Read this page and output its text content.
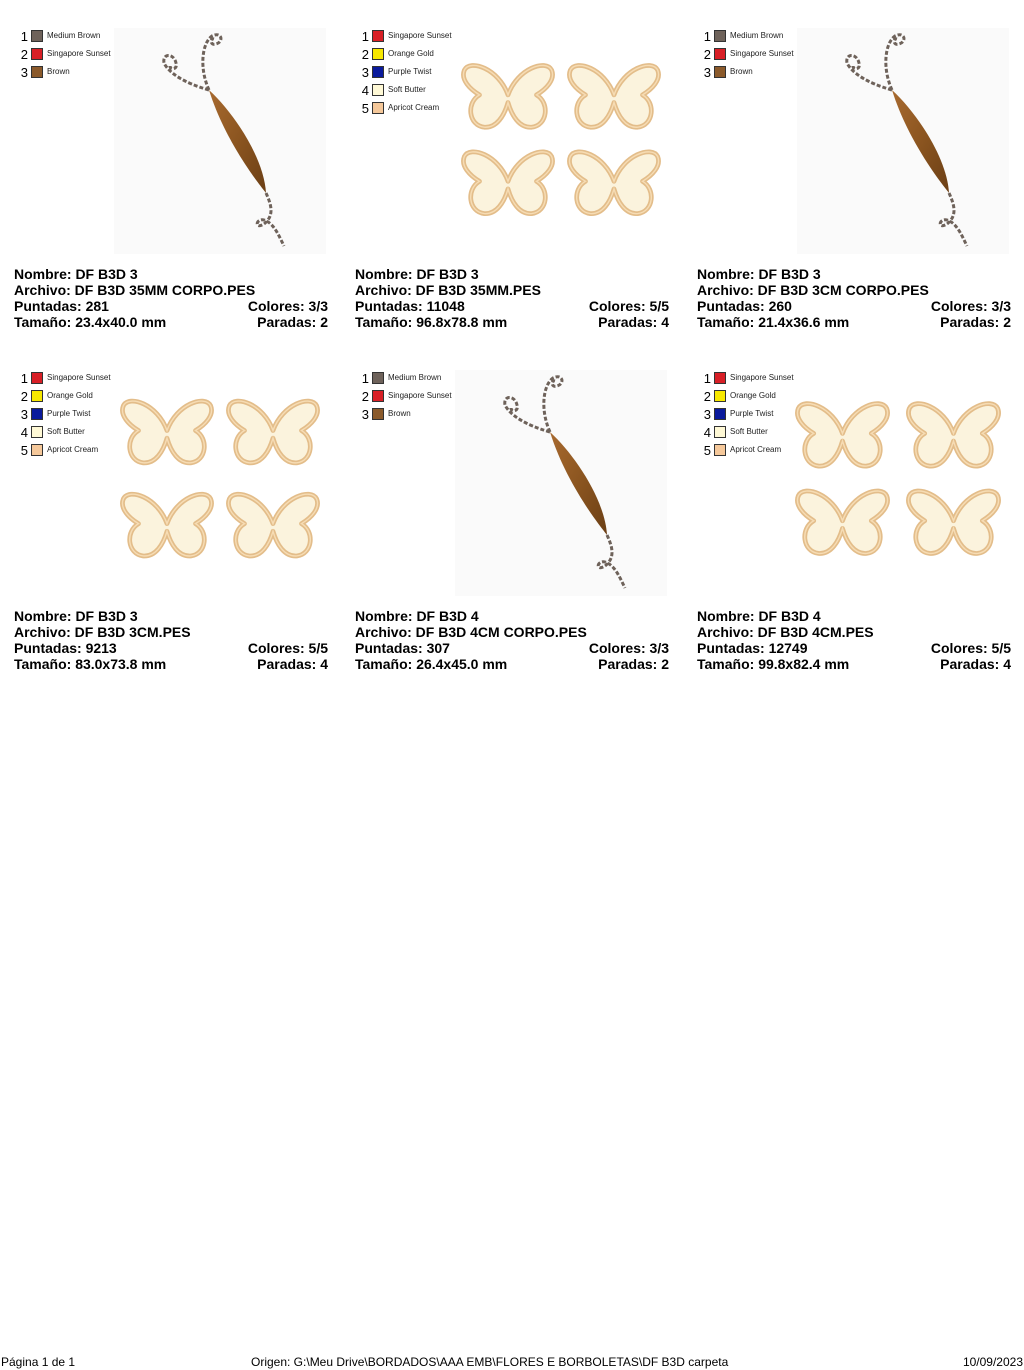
1 Medium Brown
2 Singapore Sunset
3 Brown
Nombre: DF B3D 3
Archivo: DF B3D 35MM CORPO.PES
Puntadas: 281	Colores: 3/3
Tamaño: 23.4x40.0 mm	Paradas: 2
1 Singapore Sunset
2 Orange Gold
3 Purple Twist
4 Soft Butter
5 Apricot Cream
Nombre: DF B3D 3
Archivo: DF B3D 35MM.PES
Puntadas: 11048	Colores: 5/5
Tamaño: 96.8x78.8 mm	Paradas: 4
1 Medium Brown
2 Singapore Sunset
3 Brown
Nombre: DF B3D 3
Archivo: DF B3D 3CM CORPO.PES
Puntadas: 260	Colores: 3/3
Tamaño: 21.4x36.6 mm	Paradas: 2
1 Singapore Sunset
2 Orange Gold
3 Purple Twist
4 Soft Butter
5 Apricot Cream
Nombre: DF B3D 3
Archivo: DF B3D 3CM.PES
Puntadas: 9213	Colores: 5/5
Tamaño: 83.0x73.8 mm	Paradas: 4
1 Medium Brown
2 Singapore Sunset
3 Brown
Nombre: DF B3D 4
Archivo: DF B3D 4CM CORPO.PES
Puntadas: 307	Colores: 3/3
Tamaño: 26.4x45.0 mm	Paradas: 2
1 Singapore Sunset
2 Orange Gold
3 Purple Twist
4 Soft Butter
5 Apricot Cream
Nombre: DF B3D 4
Archivo: DF B3D 4CM.PES
Puntadas: 12749	Colores: 5/5
Tamaño: 99.8x82.4 mm	Paradas: 4
Página 1 de 1	Origen: G:\Meu Drive\BORDADOS\AAA EMB\FLORES E BORBOLETAS\DF B3D carpeta	10/09/2023
